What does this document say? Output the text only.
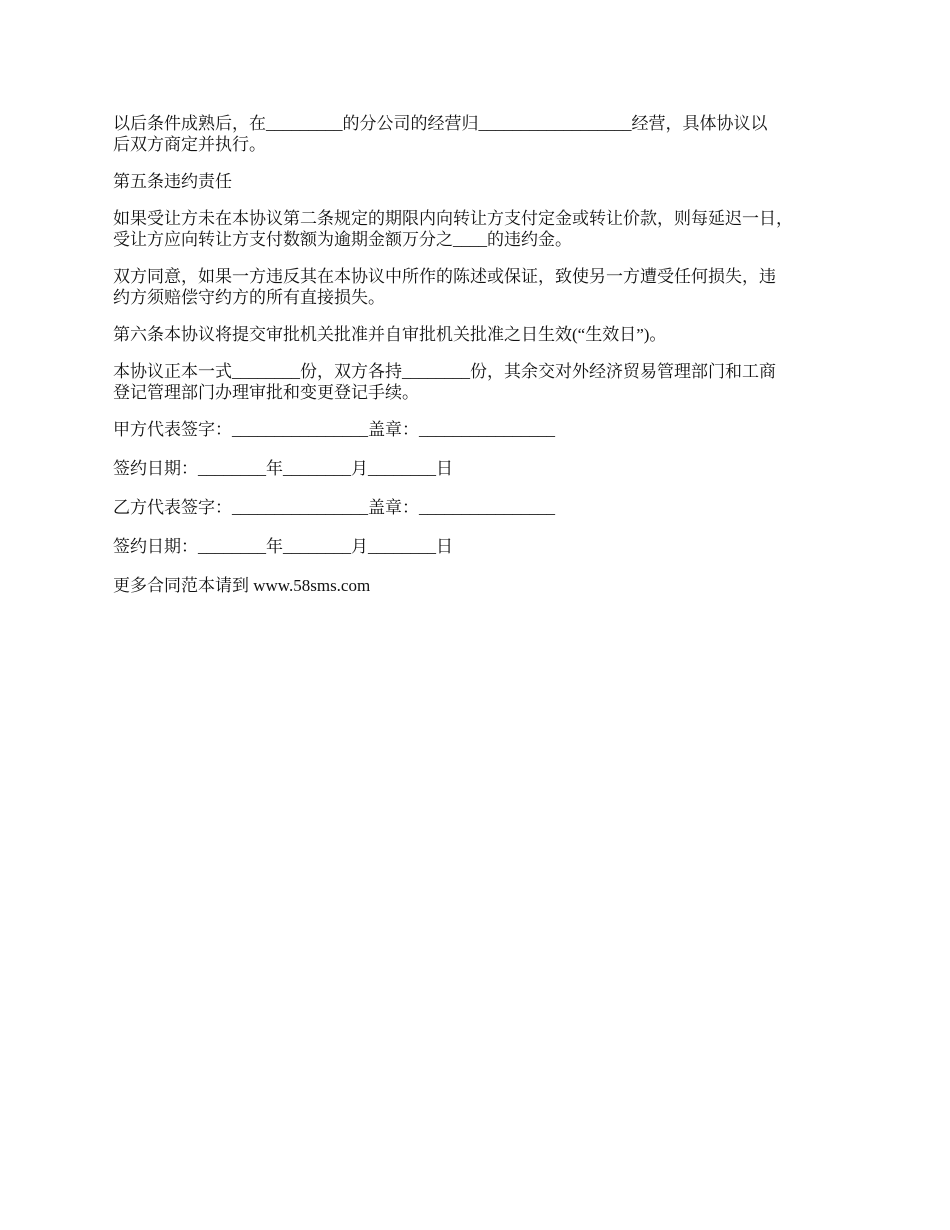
以后条件成熟后，在_________的分公司的经营归__________________经营，具体协议以
后双方商定并执行。

第五条违约责任

如果受让方未在本协议第二条规定的期限内向转让方支付定金或转让价款，则每延迟一日，
受让方应向转让方支付数额为逾期金额万分之____的违约金。

双方同意，如果一方违反其在本协议中所作的陈述或保证，致使另一方遭受任何损失，违
约方须赔偿守约方的所有直接损失。

第六条本协议将提交审批机关批准并自审批机关批准之日生效(“生效日”)。

本协议正本一式________份，双方各持________份，其余交对外经济贸易管理部门和工商
登记管理部门办理审批和变更登记手续。

甲方代表签字：________________盖章：________________

签约日期：________年________月________日

乙方代表签字：________________盖章：________________

签约日期：________年________月________日

更多合同范本请到 www.58sms.com
